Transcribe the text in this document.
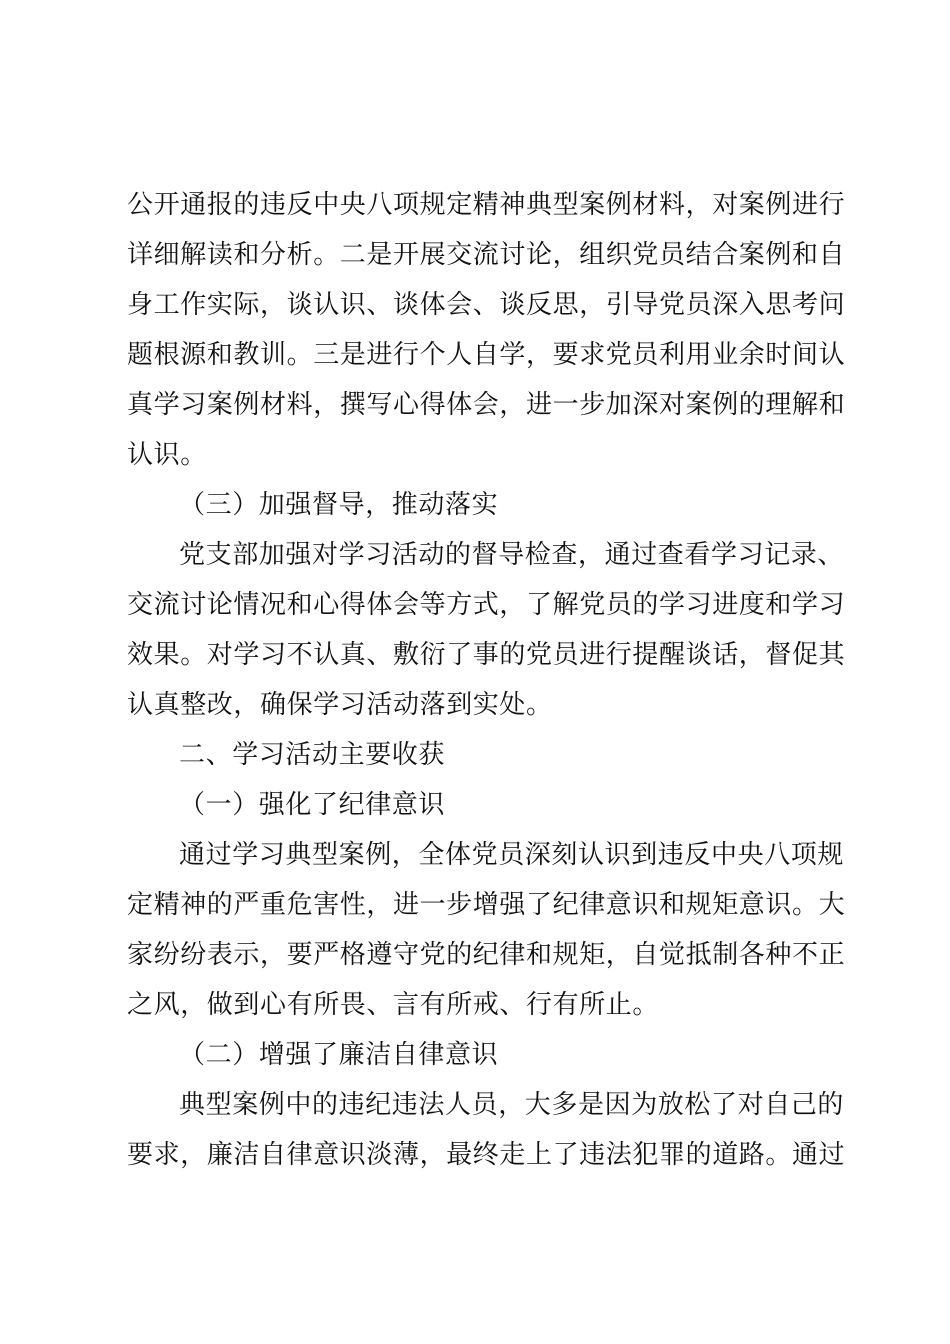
公开通报的违反中央八项规定精神典型案例材料，对案例进行
详细解读和分析。二是开展交流讨论，组织党员结合案例和自
身工作实际，谈认识、谈体会、谈反思，引导党员深入思考问
题根源和教训。三是进行个人自学，要求党员利用业余时间认
真学习案例材料，撰写心得体会，进一步加深对案例的理解和
认识。
（三）加强督导，推动落实
党支部加强对学习活动的督导检查，通过查看学习记录、
交流讨论情况和心得体会等方式，了解党员的学习进度和学习
效果。对学习不认真、敷衍了事的党员进行提醒谈话，督促其
认真整改，确保学习活动落到实处。
二、学习活动主要收获
（一）强化了纪律意识
通过学习典型案例，全体党员深刻认识到违反中央八项规
定精神的严重危害性，进一步增强了纪律意识和规矩意识。大
家纷纷表示，要严格遵守党的纪律和规矩，自觉抵制各种不正
之风，做到心有所畏、言有所戒、行有所止。
（二）增强了廉洁自律意识
典型案例中的违纪违法人员，大多是因为放松了对自己的
要求，廉洁自律意识淡薄，最终走上了违法犯罪的道路。通过
